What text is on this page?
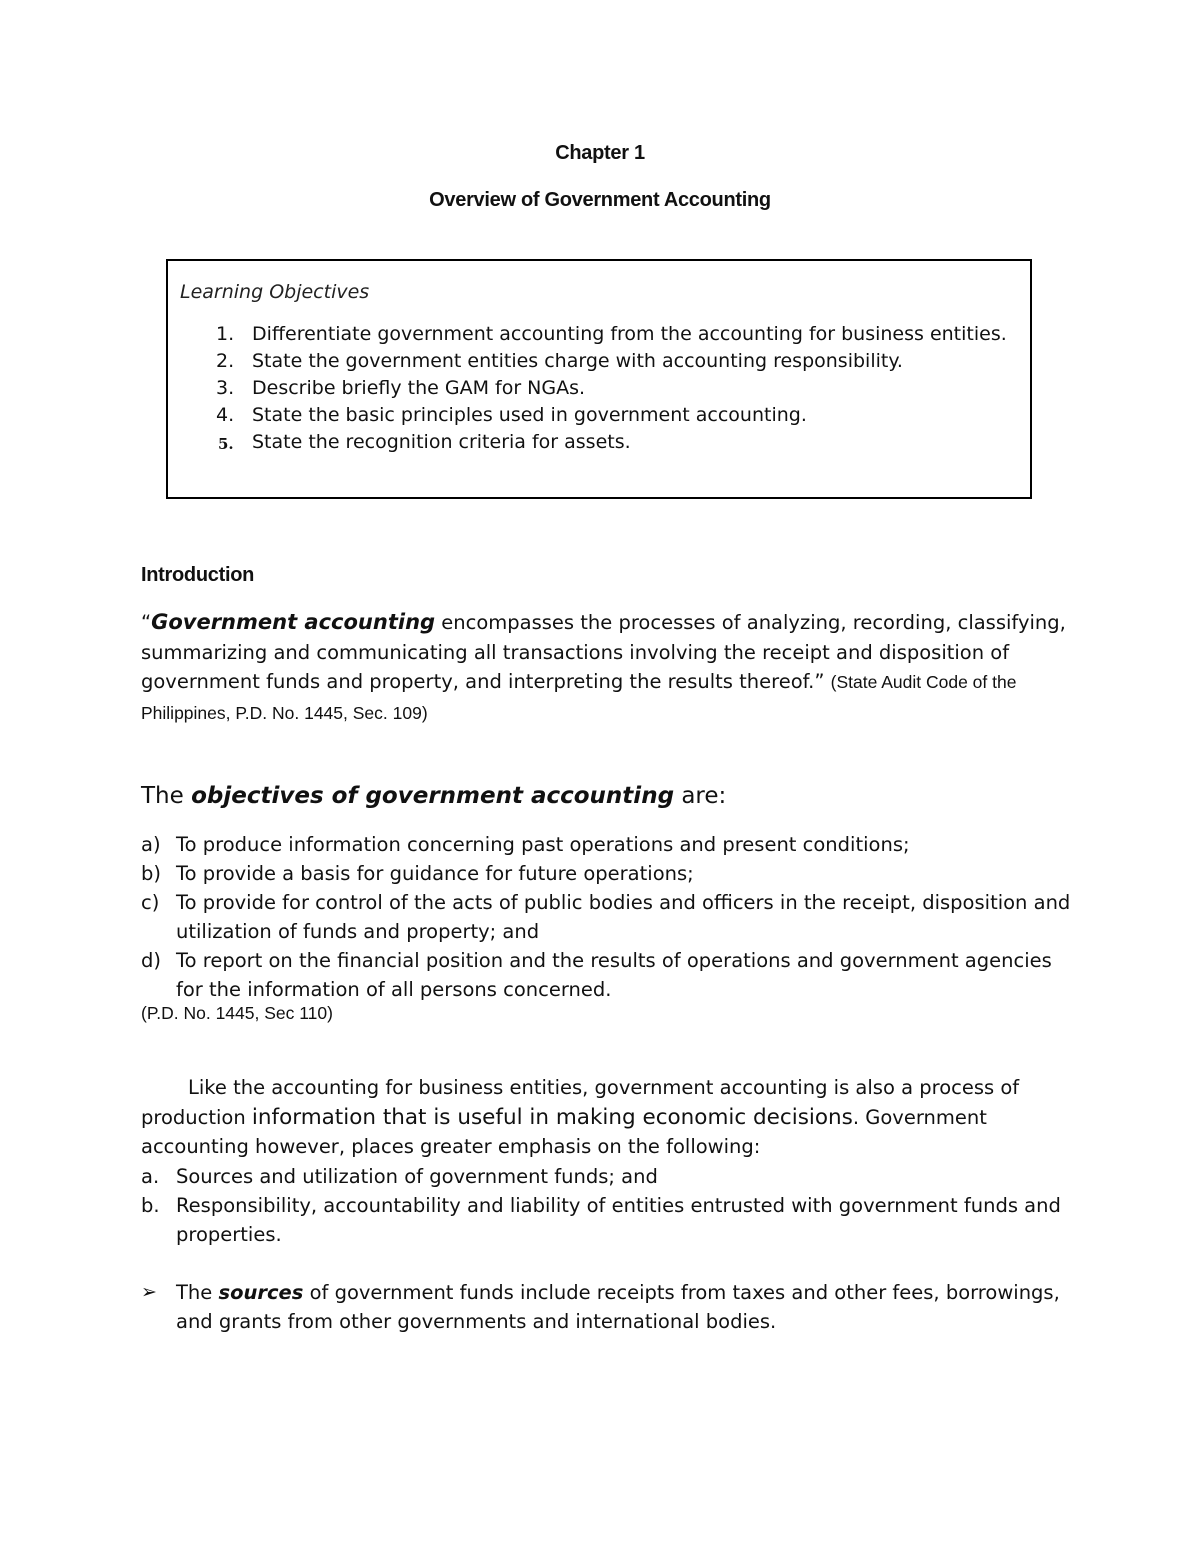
Chapter 1
Overview of Government Accounting
Learning Objectives
1. Differentiate government accounting from the accounting for business entities.
2. State the government entities charge with accounting responsibility.
3. Describe briefly the GAM for NGAs.
4. State the basic principles used in government accounting.
5. State the recognition criteria for assets.
Introduction

“Government accounting encompasses the processes of analyzing, recording, classifying, summarizing and communicating all transactions involving the receipt and disposition of government funds and property, and interpreting the results thereof.” (State Audit Code of the Philippines, P.D. No. 1445, Sec. 109)

The objectives of government accounting are:
a) To produce information concerning past operations and present conditions;
b) To provide a basis for guidance for future operations;
c) To provide for control of the acts of public bodies and officers in the receipt, disposition and utilization of funds and property; and
d) To report on the financial position and the results of operations and government agencies for the information of all persons concerned.
(P.D. No. 1445, Sec 110)

Like the accounting for business entities, government accounting is also a process of production information that is useful in making economic decisions. Government accounting however, places greater emphasis on the following:

a. Sources and utilization of government funds; and
b. Responsibility, accountability and liability of entities entrusted with government funds and properties.
➢ The sources of government funds include receipts from taxes and other fees, borrowings, and grants from other governments and international bodies.
